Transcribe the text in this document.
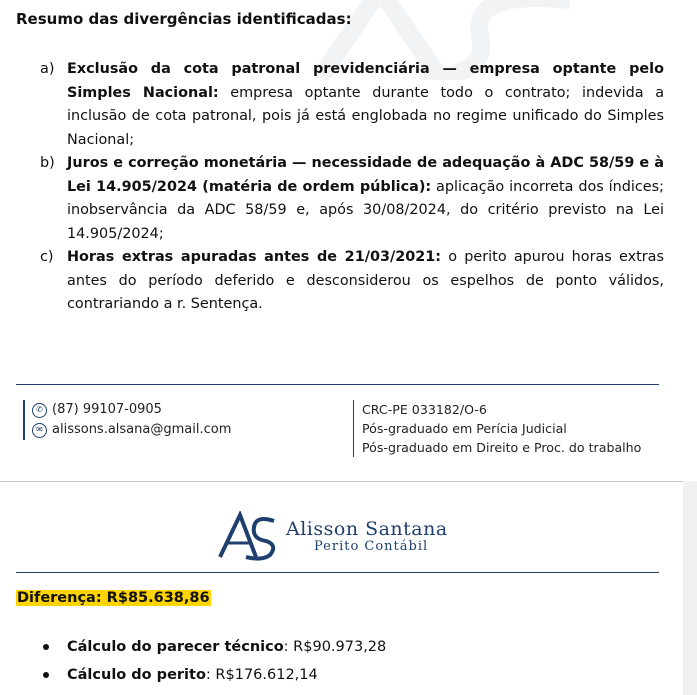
Resumo das divergências identificadas:
a) Exclusão da cota patronal previdenciária — empresa optante pelo Simples Nacional: empresa optante durante todo o contrato; indevida a inclusão de cota patronal, pois já está englobada no regime unificado do Simples Nacional;
b) Juros e correção monetária — necessidade de adequação à ADC 58/59 e à Lei 14.905/2024 (matéria de ordem pública): aplicação incorreta dos índices; inobservância da ADC 58/59 e, após 30/08/2024, do critério previsto na Lei 14.905/2024;
c) Horas extras apuradas antes de 21/03/2021: o perito apurou horas extras antes do período deferido e desconsiderou os espelhos de ponto válidos, contrariando a r. Sentença.
✆ (87) 99107-0905
✉ alissons.alsana@gmail.com
CRC-PE 033182/O-6
Pós-graduado em Perícia Judicial
Pós-graduado em Direito e Proc. do trabalho
Alisson Santana
Perito Contábil
Diferença: R$85.638,86
Cálculo do parecer técnico: R$90.973,28
Cálculo do perito: R$176.612,14
